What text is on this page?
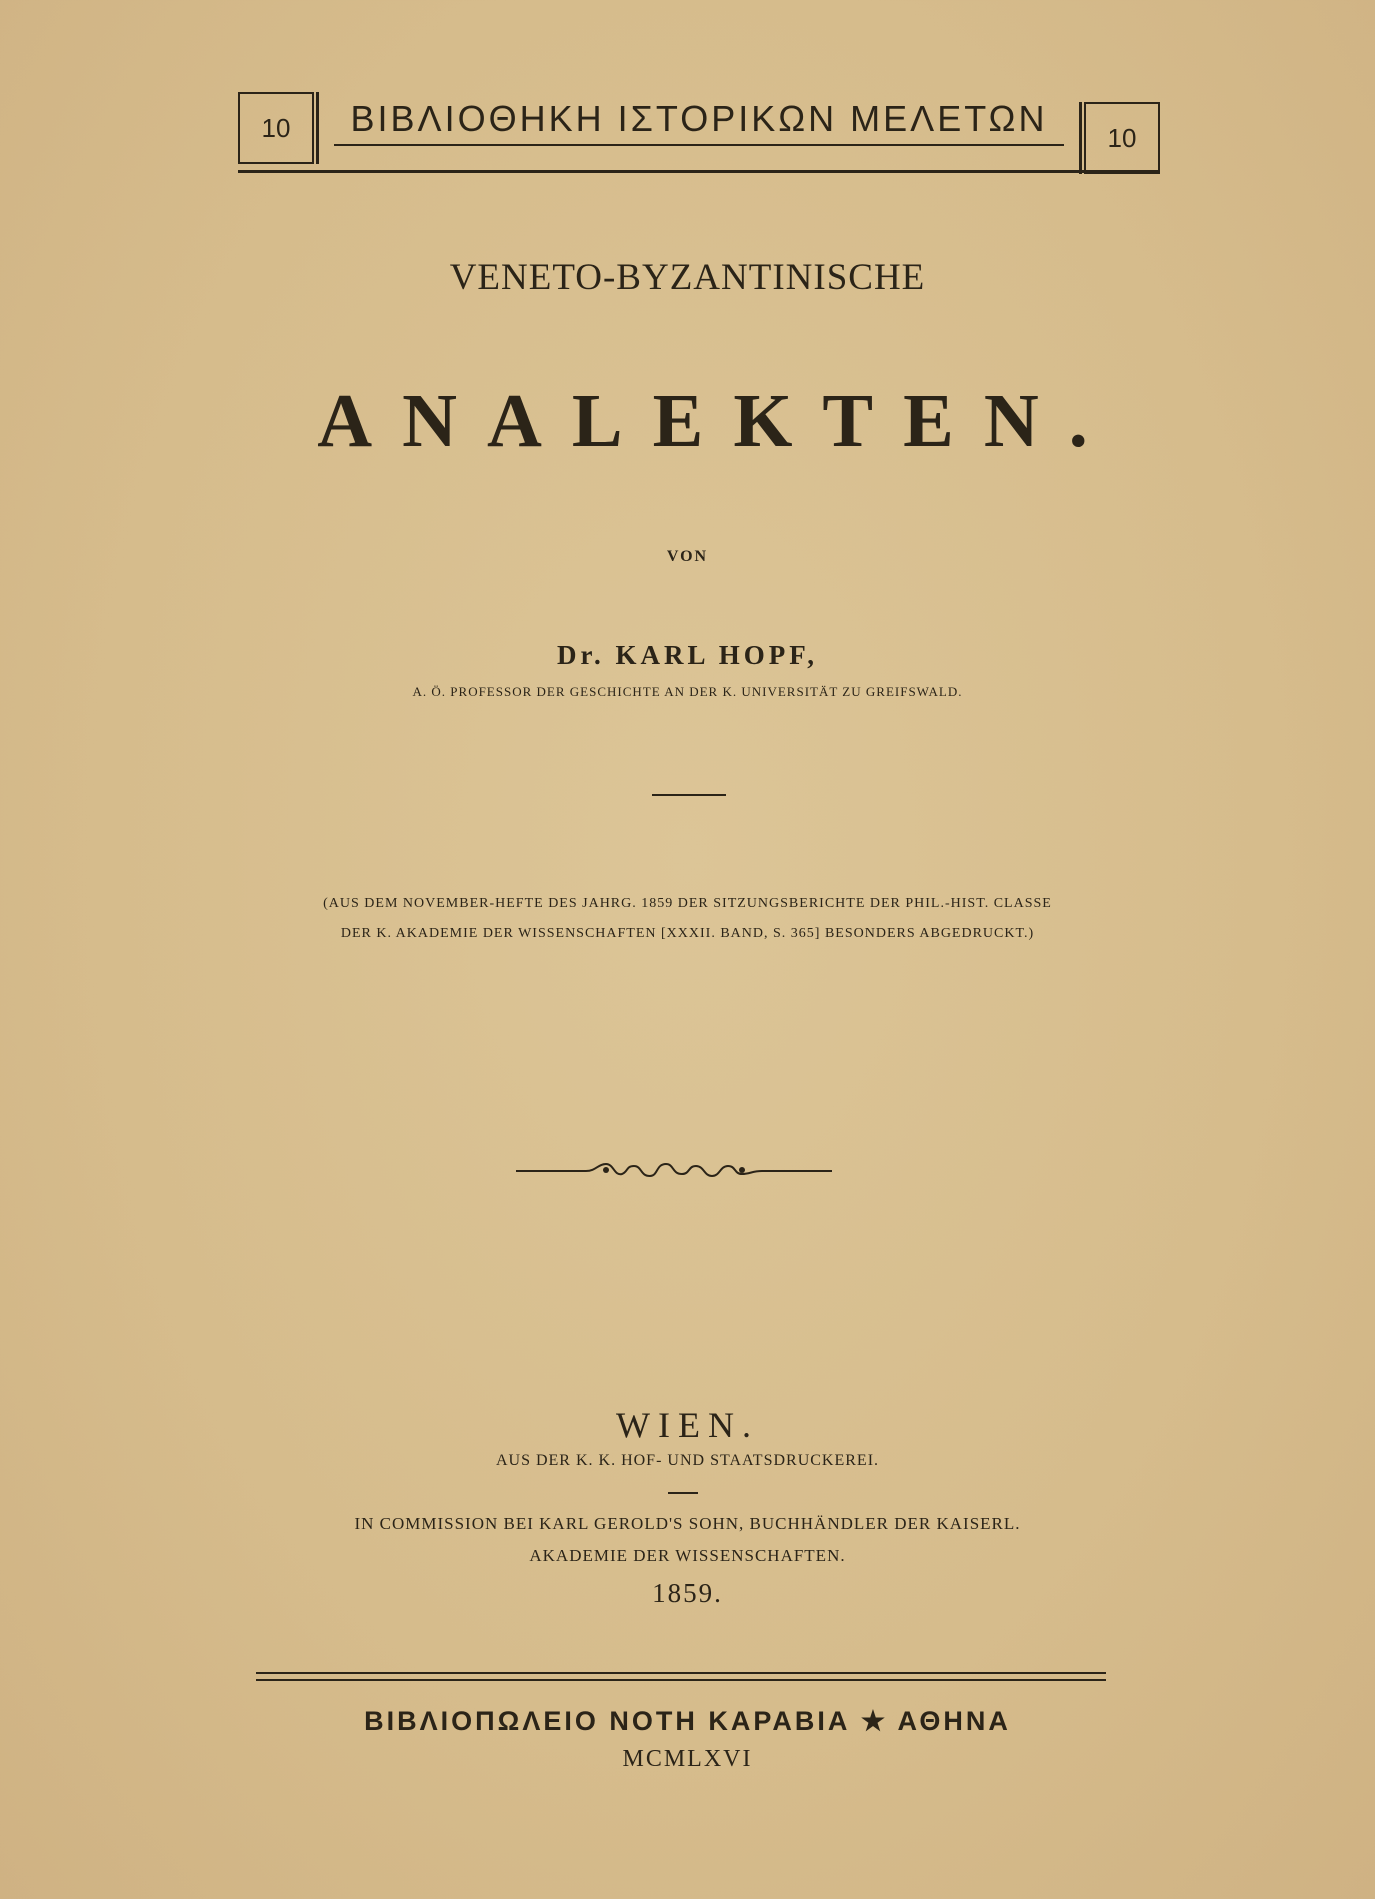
10	ΒΙΒΛΙΟΘΗΚΗ ΙΣΤΟΡΙΚΩΝ ΜΕΛΕΤΩΝ	10
VENETO-BYZANTINISCHE
ANALEKTEN.
VON
Dr. KARL HOPF,
A. Ö. PROFESSOR DER GESCHICHTE AN DER K. UNIVERSITÄT ZU GREIFSWALD.
(AUS DEM NOVEMBER-HEFTE DES JAHRG. 1859 DER SITZUNGSBERICHTE DER PHIL.-HIST. CLASSE
DER K. AKADEMIE DER WISSENSCHAFTEN [XXXII. BAND, S. 365] BESONDERS ABGEDRUCKT.)
WIEN.
AUS DER K. K. HOF- UND STAATSDRUCKEREI.
IN COMMISSION BEI KARL GEROLD'S SOHN, BUCHHÄNDLER DER KAISERL.
AKADEMIE DER WISSENSCHAFTEN.
1859.
ΒΙΒΛΙΟΠΩΛΕΙΟ ΝΟΤΗ ΚΑΡΑΒΙΑ ★ ΑΘΗΝΑ
MCMLXVI
